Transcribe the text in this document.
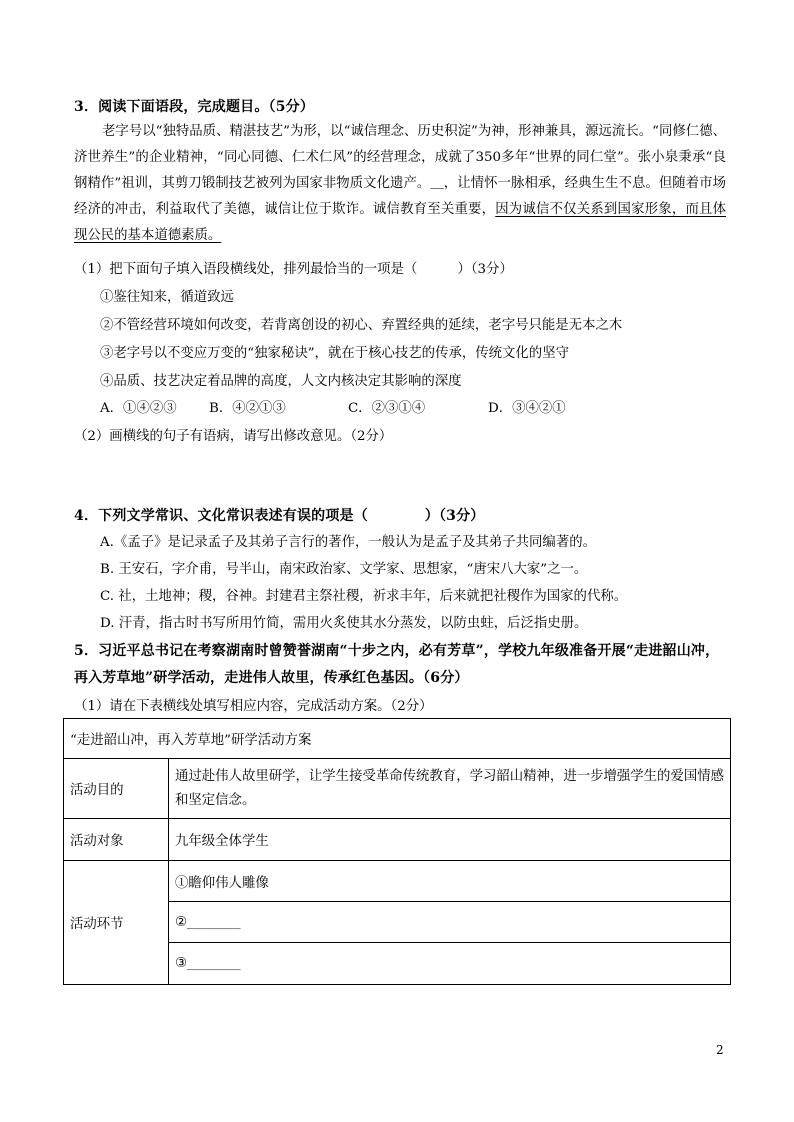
3．阅读下面语段，完成题目。（5分）
老字号以“独特品质、精湛技艺”为形，以“诚信理念、历史积淀”为神，形神兼具，源远流长。“同修仁德、济世养生”的企业精神，“同心同德、仁术仁风”的经营理念，成就了350多年“世界的同仁堂”。张小泉秉承“良钢精作”祖训，其剪刀锻制技艺被列为国家非物质文化遗产。＿，让情怀一脉相承，经典生生不息。但随着市场经济的冲击，利益取代了美德，诚信让位于欺诈。诚信教育至关重要，因为诚信不仅关系到国家形象，而且体现公民的基本道德素质。
（1）把下面句子填入语段横线处，排列最恰当的一项是（　　　）（3分）
①鉴往知来，循道致远
②不管经营环境如何改变，若背离创设的初心、弃置经典的延续，老字号只能是无本之木
③老字号以不变应万变的“独家秘诀”，就在于核心技艺的传承，传统文化的坚守
④品质、技艺决定着品牌的高度，人文内核决定其影响的深度
A．①④②③ B．④②①③	C．②③①④	D．③④②①
（2）画横线的句子有语病，请写出修改意见。（2分）
4．下列文学常识、文化常识表述有误的项是（　　　　）（3分）
A.《孟子》是记录孟子及其弟子言行的著作，一般认为是孟子及其弟子共同编著的。
B. 王安石，字介甫，号半山，南宋政治家、文学家、思想家，“唐宋八大家”之一。
C. 社，土地神；稷，谷神。封建君主祭社稷，祈求丰年，后来就把社稷作为国家的代称。
D. 汗青，指古时书写所用竹简，需用火炙使其水分蒸发，以防虫蛀，后泛指史册。
5．习近平总书记在考察湖南时曾赞誉湖南“十步之内，必有芳草”，学校九年级准备开展“走进韶山冲，
再入芳草地”研学活动，走进伟人故里，传承红色基因。（6分）
（1）请在下表横线处填写相应内容，完成活动方案。（2分）
“走进韶山冲，再入芳草地”研学活动方案	
活动目的	通过赴伟人故里研学，让学生接受革命传统教育，学习韶山精神，进一步增强学生的爱国情感和坚定信念。
活动对象	九年级全体学生
活动环节	①瞻仰伟人雕像
	②________
	③________
2
